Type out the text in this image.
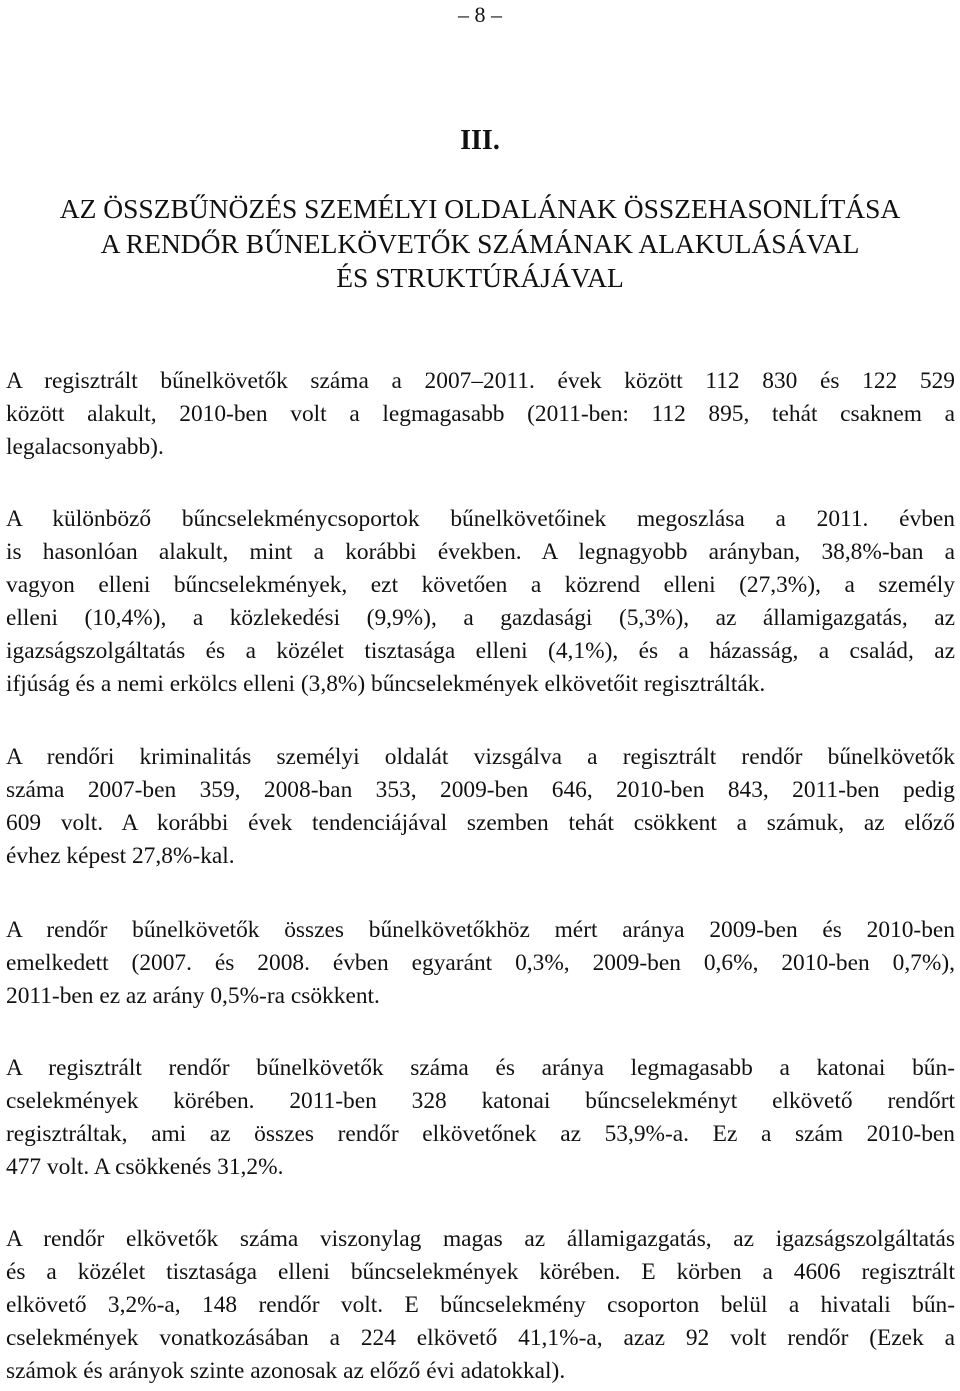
– 8 –
III.
AZ ÖSSZBŰNÖZÉS SZEMÉLYI OLDALÁNAK ÖSSZEHASONLÍTÁSA
A RENDŐR BŰNELKÖVETŐK SZÁMÁNAK ALAKULÁSÁVAL
ÉS STRUKTÚRÁJÁVAL
A regisztrált bűnelkövetők száma a 2007–2011. évek között 112 830 és 122 529
között alakult, 2010-ben volt a legmagasabb (2011-ben: 112 895, tehát csaknem a
legalacsonyabb).
A különböző bűncselekménycsoportok bűnelkövetőinek megoszlása a 2011. évben
is hasonlóan alakult, mint a korábbi években. A legnagyobb arányban, 38,8%-ban a
vagyon elleni bűncselekmények, ezt követően a közrend elleni (27,3%), a személy
elleni (10,4%), a közlekedési (9,9%), a gazdasági (5,3%), az államigazgatás, az
igazságszolgáltatás és a közélet tisztasága elleni (4,1%), és a házasság, a család, az
ifjúság és a nemi erkölcs elleni (3,8%) bűncselekmények elkövetőit regisztrálták.
A rendőri kriminalitás személyi oldalát vizsgálva a regisztrált rendőr bűnelkövetők
száma 2007-ben 359, 2008-ban 353, 2009-ben 646, 2010-ben 843, 2011-ben pedig
609 volt. A korábbi évek tendenciájával szemben tehát csökkent a számuk, az előző
évhez képest 27,8%-kal.
A rendőr bűnelkövetők összes bűnelkövetőkhöz mért aránya 2009-ben és 2010-ben
emelkedett (2007. és 2008. évben egyaránt 0,3%, 2009-ben 0,6%, 2010-ben 0,7%),
2011-ben ez az arány 0,5%-ra csökkent.
A regisztrált rendőr bűnelkövetők száma és aránya legmagasabb a katonai bűn-
cselekmények körében. 2011-ben 328 katonai bűncselekményt elkövető rendőrt
regisztráltak, ami az összes rendőr elkövetőnek az 53,9%-a. Ez a szám 2010-ben
477 volt. A csökkenés 31,2%.
A rendőr elkövetők száma viszonylag magas az államigazgatás, az igazságszolgáltatás
és a közélet tisztasága elleni bűncselekmények körében. E körben a 4606 regisztrált
elkövető 3,2%-a, 148 rendőr volt. E bűncselekmény csoporton belül a hivatali bűn-
cselekmények vonatkozásában a 224 elkövető 41,1%-a, azaz 92 volt rendőr (Ezek a
számok és arányok szinte azonosak az előző évi adatokkal).
